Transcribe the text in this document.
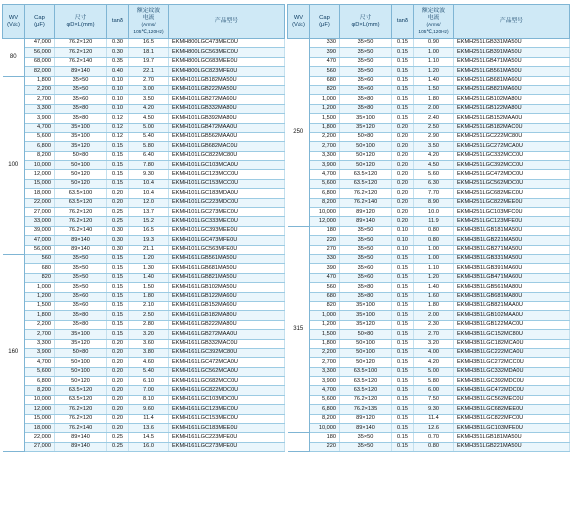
WV
(Vdc)	Cap
(μF)	尺寸
φD×L(mm)	tanδ	额定纹波
电流
(Arms/
105℃,120Hz)	产品型号
80	47,000	76.2×120	0.30	16.5	EKMH800LGC473MEC0U
	56,000	76.2×120	0.30	18.1	EKMH800LGC563MEC0U
	68,000	76.2×140	0.35	19.7	EKMH800LGC683MEE0U
	82,000	89×140	0.40	22.1	EKMH800LGC823MFE0U
100	1,800	35×50	0.10	2.70	EKMH101LGB182MA50U
	2,200	35×50	0.10	3.00	EKMH101LGB222MA50U
	2,700	35×60	0.10	3.50	EKMH101LGB272MA60U
	3,300	35×80	0.10	4.20	EKMH101LGB332MA80U
	3,900	35×80	0.12	4.50	EKMH101LGB392MA80U
	4,700	35×100	0.12	5.00	EKMH101LGB472MAA0U
	5,600	35×100	0.12	5.40	EKMH101LGB562MAA0U
	6,800	35×120	0.15	5.80	EKMH101LGB682MAC0U
	8,200	50×80	0.15	6.40	EKMH101LGC822MC80U
	10,000	50×100	0.15	7.80	EKMH101LGC103MCA0U
	12,000	50×120	0.15	9.30	EKMH101LGC123MCC0U
	15,000	50×120	0.15	10.4	EKMH101LGC153MCC0U
	18,000	63.5×100	0.20	10.4	EKMH101LGC183MDA0U
	22,000	63.5×120	0.20	12.0	EKMH101LGC223MDC0U
	27,000	76.2×120	0.25	13.7	EKMH101LGC273MEC0U
	33,000	76.2×120	0.25	15.2	EKMH101LGC333MEC0U
	39,000	76.2×140	0.30	16.5	EKMH101LGC393MEE0U
	47,000	89×140	0.30	19.3	EKMH101LGC473MFE0U
	56,000	89×140	0.30	21.1	EKMH101LGC563MFE0U
160	560	35×50	0.15	1.20	EKMH161LGB561MA50U
	680	35×50	0.15	1.30	EKMH161LGB681MA50U
	820	35×50	0.15	1.40	EKMH161LGB821MA50U
	1,000	35×50	0.15	1.50	EKMH161LGB102MA50U
	1,200	35×60	0.15	1.80	EKMH161LGB122MA60U
	1,500	35×60	0.15	2.10	EKMH161LGB152MA60U
	1,800	35×80	0.15	2.50	EKMH161LGB182MA80U
	2,200	35×80	0.15	2.80	EKMH161LGB222MA80U
	2,700	35×100	0.15	3.20	EKMH161LGB272MAA0U
	3,300	35×120	0.20	3.60	EKMH161LGB332MAC0U
	3,900	50×80	0.20	3.80	EKMH161LGC392MC80U
	4,700	50×100	0.20	4.60	EKMH161LGC472MCA0U
	5,600	50×100	0.20	5.40	EKMH161LGC562MCA0U
	6,800	50×120	0.20	6.10	EKMH161LGC682MCC0U
	8,200	63.5×120	0.20	7.00	EKMH161LGC822MDC0U
	10,000	63.5×120	0.20	8.10	EKMH161LGC103MDC0U
	12,000	76.2×120	0.20	9.60	EKMH161LGC123MEC0U
	15,000	76.2×120	0.20	11.4	EKMH161LGC153MEC0U
	18,000	76.2×140	0.20	13.6	EKMH161LGC183MEE0U
	22,000	89×140	0.25	14.5	EKMH161LGC223MFE0U
	27,000	89×140	0.25	16.0	EKMH161LGC273MFE0U
WV
(Vdc)	Cap
(μF)	尺寸
φD×L(mm)	tanδ	额定纹波
电流
(Arms/
105℃,120Hz)	产品型号
250	330	35×50	0.15	0.90	EKMH251LGB331MA50U
	390	35×50	0.15	1.00	EKMH251LGB391MA50U
	470	35×50	0.15	1.10	EKMH251LGB471MA50U
	560	35×50	0.15	1.20	EKMH251LGB561MA50U
	680	35×60	0.15	1.40	EKMH251LGB681MA60U
	820	35×60	0.15	1.50	EKMH251LGB821MA60U
	1,000	35×80	0.15	1.80	EKMH251LGB102MA80U
	1,200	35×80	0.15	2.00	EKMH251LGB122MA80U
	1,500	35×100	0.15	2.40	EKMH251LGB152MAA0U
	1,800	35×120	0.20	2.50	EKMH251LGB182MAC0U
	2,200	50×80	0.20	2.90	EKMH251LGC222MC80U
	2,700	50×100	0.20	3.50	EKMH251LGC272MCA0U
	3,300	50×120	0.20	4.20	EKMH251LGC332MCC0U
	3,900	50×120	0.20	4.50	EKMH251LGC392MCC0U
	4,700	63.5×120	0.20	5.60	EKMH251LGC472MDC0U
	5,600	63.5×120	0.20	6.30	EKMH251LGC562MDC0U
	6,800	76.2×120	0.20	7.70	EKMH251LGC682MEC0U
	8,200	76.2×140	0.20	8.90	EKMH251LGC822MEE0U
	10,000	89×120	0.20	10.0	EKMH251LGC103MFC0U
	12,000	89×140	0.20	11.9	EKMH251LGC123MFE0U
315	180	35×50	0.10	0.80	EKMH3B1LGB181MA50U
	220	35×50	0.10	0.80	EKMH3B1LGB221MA50U
	270	35×50	0.10	1.00	EKMH3B1LGB271MA50U
	330	35×50	0.15	1.00	EKMH3B1LGB331MA50U
	390	35×60	0.15	1.10	EKMH3B1LGB391MA60U
	470	35×60	0.15	1.20	EKMH3B1LGB471MA60U
	560	35×80	0.15	1.40	EKMH3B1LGB561MA80U
	680	35×80	0.15	1.60	EKMH3B1LGB681MA80U
	820	35×100	0.15	1.80	EKMH3B1LGB821MAA0U
	1,000	35×100	0.15	2.00	EKMH3B1LGB102MAA0U
	1,200	35×120	0.15	2.30	EKMH3B1LGB122MAC0U
	1,500	50×80	0.15	2.70	EKMH3B1LGC152MC80U
	1,800	50×100	0.15	3.20	EKMH3B1LGC182MCA0U
	2,200	50×100	0.15	4.00	EKMH3B1LGC222MCA0U
	2,700	50×120	0.15	4.20	EKMH3B1LGC272MCC0U
	3,300	63.5×100	0.15	5.00	EKMH3B1LGC332MDA0U
	3,900	63.5×120	0.15	5.80	EKMH3B1LGC392MDC0U
	4,700	63.5×120	0.15	6.00	EKMH3B1LGC472MDC0U
	5,600	76.2×120	0.15	7.50	EKMH3B1LGC562MEC0U
	6,800	76.2×135	0.15	9.30	EKMH3B1LGC682MEE0U
	8,200	89×120	0.15	11.4	EKMH3B1LGC822MFC0U
	10,000	89×140	0.15	12.6	EKMH3B1LGC103MFE0U
	180	35×50	0.15	0.70	EKMH351LGB181MA50U
	220	35×50	0.15	0.80	EKMH351LGB221MA50U
